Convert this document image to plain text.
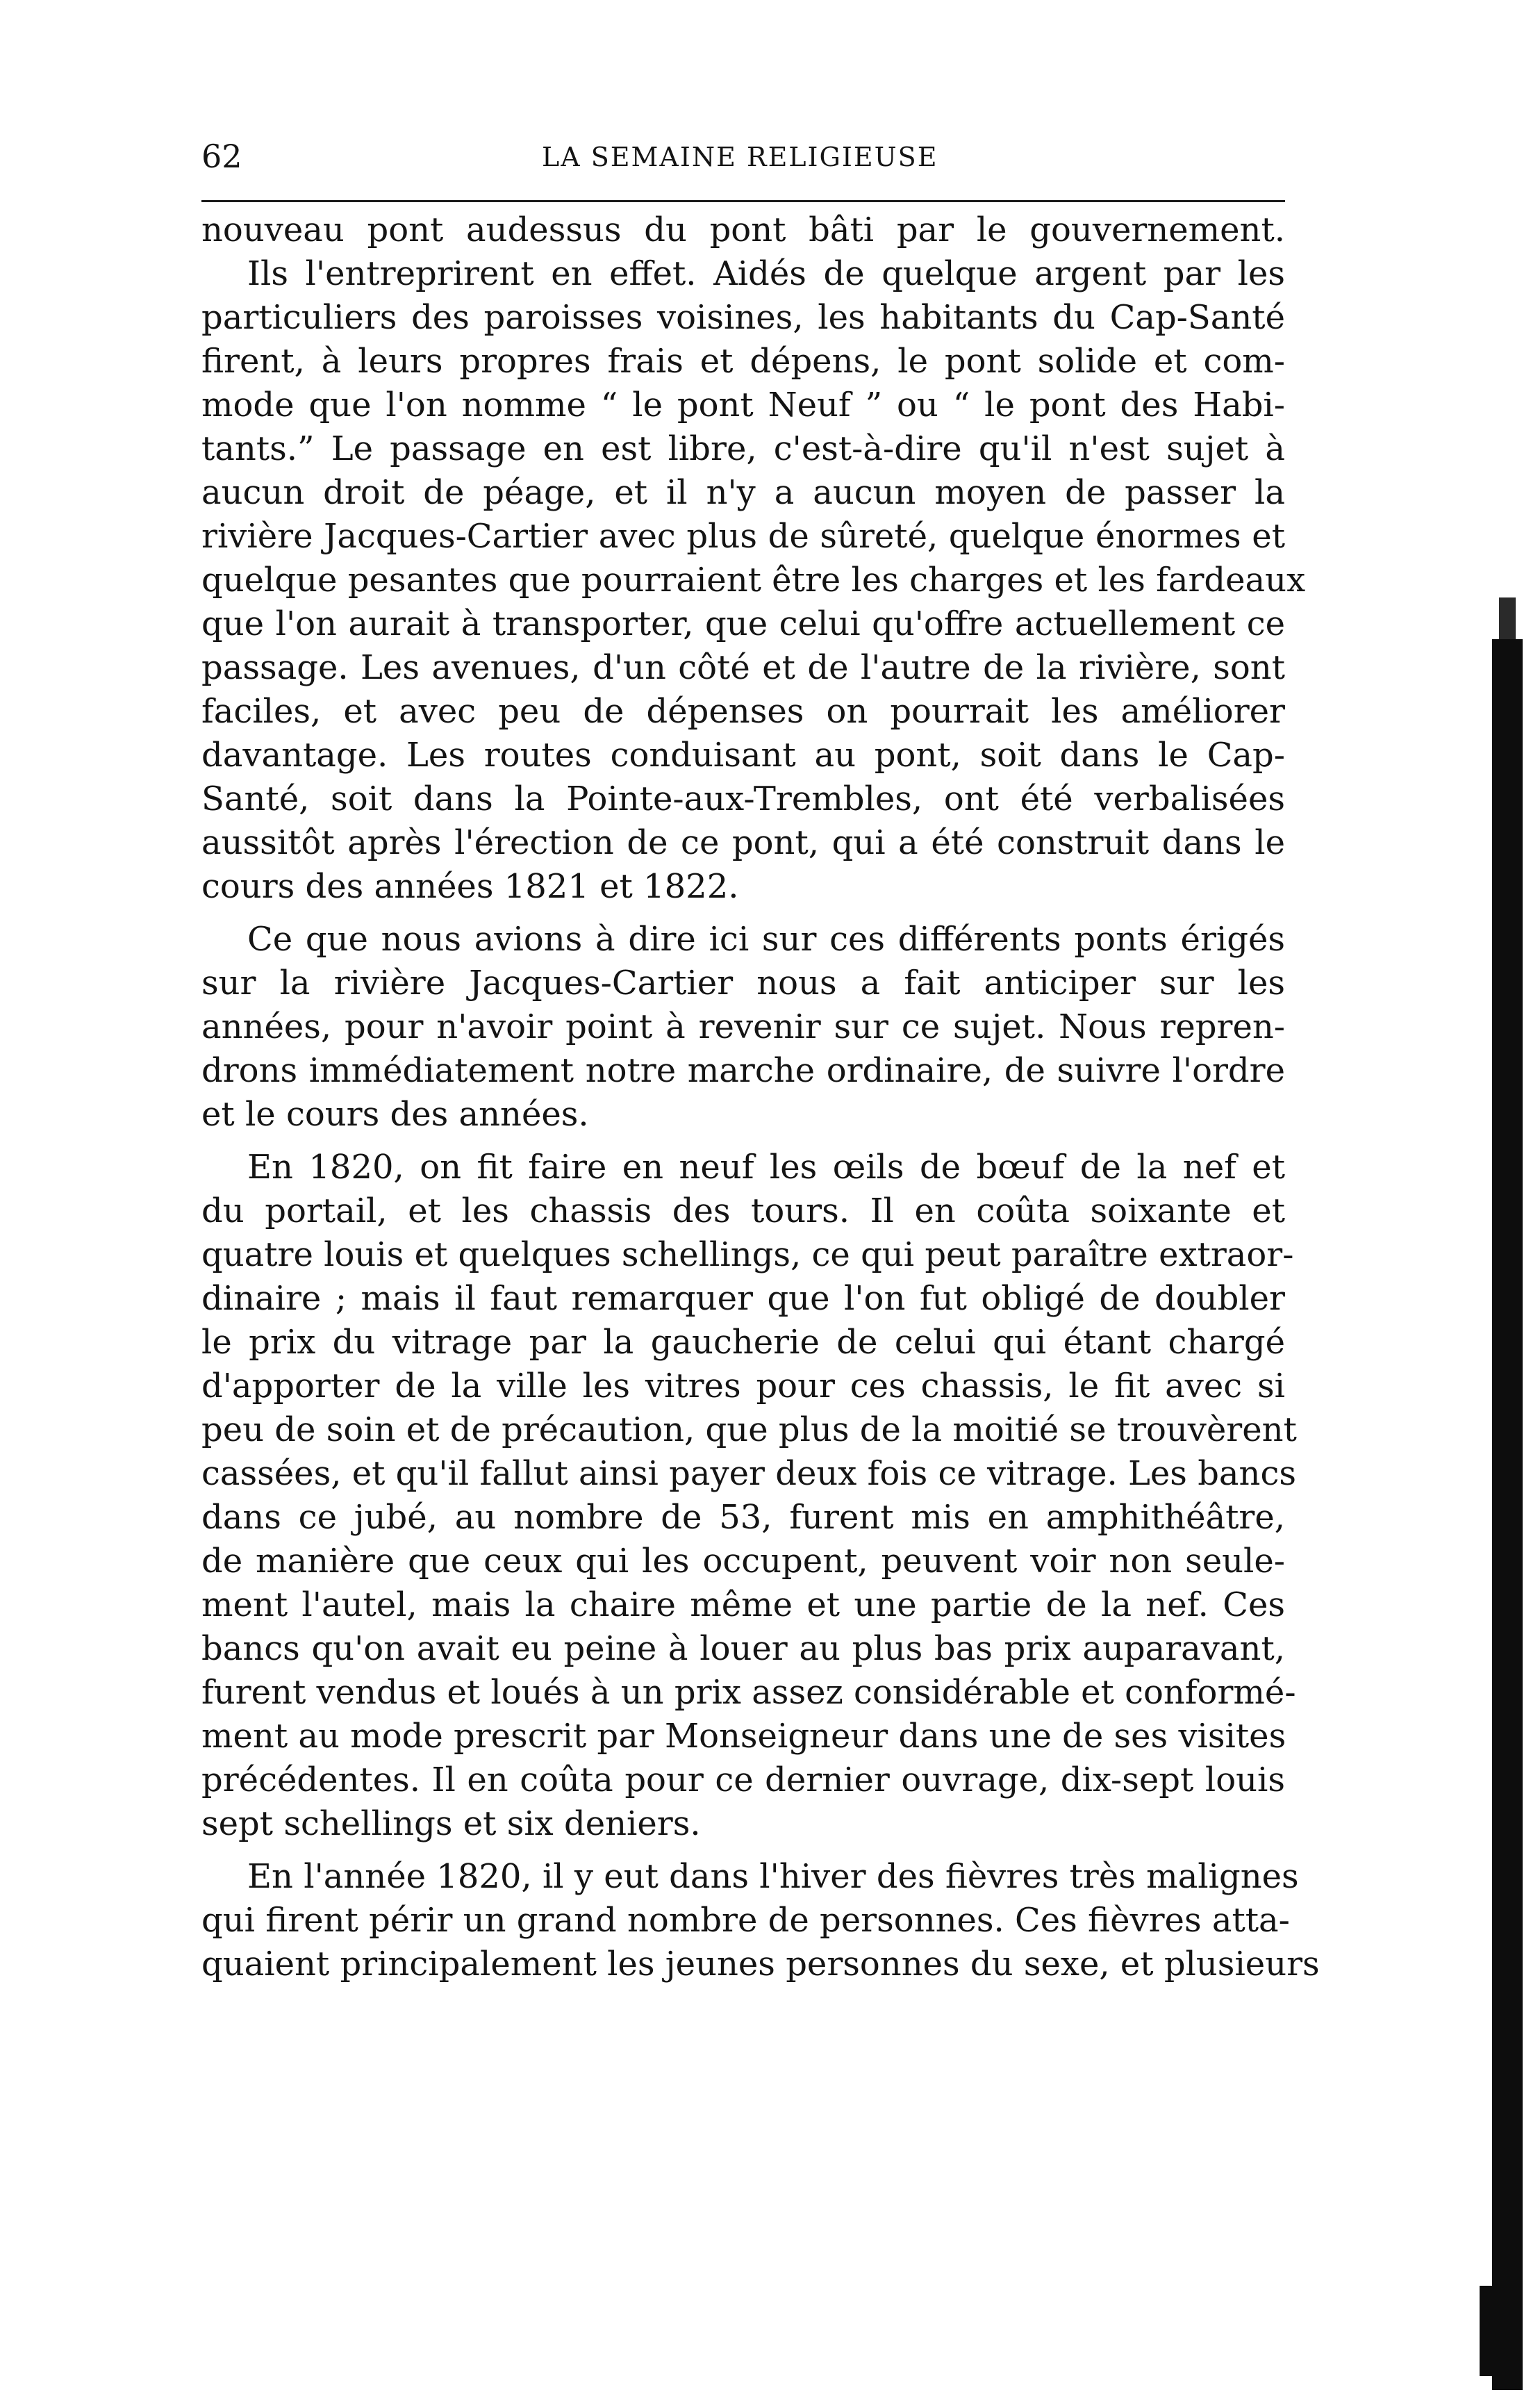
62	LA SEMAINE RELIGIEUSE
nouveau pont audessus du pont bâti par le gouvernement.
Ils l'entreprirent en effet. Aidés de quelque argent par les
particuliers des paroisses voisines, les habitants du Cap-Santé
firent, à leurs propres frais et dépens, le pont solide et com-
mode que l'on nomme “ le pont Neuf ” ou “ le pont des Habi-
tants.” Le passage en est libre, c'est-à-dire qu'il n'est sujet à
aucun droit de péage, et il n'y a aucun moyen de passer la
rivière Jacques-Cartier avec plus de sûreté, quelque énormes et
quelque pesantes que pourraient être les charges et les fardeaux
que l'on aurait à transporter, que celui qu'offre actuellement ce
passage. Les avenues, d'un côté et de l'autre de la rivière, sont
faciles, et avec peu de dépenses on pourrait les améliorer
davantage. Les routes conduisant au pont, soit dans le Cap-
Santé, soit dans la Pointe-aux-Trembles, ont été verbalisées
aussitôt après l'érection de ce pont, qui a été construit dans le
cours des années 1821 et 1822.
Ce que nous avions à dire ici sur ces différents ponts érigés
sur la rivière Jacques-Cartier nous a fait anticiper sur les
années, pour n'avoir point à revenir sur ce sujet. Nous repren-
drons immédiatement notre marche ordinaire, de suivre l'ordre
et le cours des années.
En 1820, on fit faire en neuf les œils de bœuf de la nef et
du portail, et les chassis des tours. Il en coûta soixante et
quatre louis et quelques schellings, ce qui peut paraître extraor-
dinaire ; mais il faut remarquer que l'on fut obligé de doubler
le prix du vitrage par la gaucherie de celui qui étant chargé
d'apporter de la ville les vitres pour ces chassis, le fit avec si
peu de soin et de précaution, que plus de la moitié se trouvèrent
cassées, et qu'il fallut ainsi payer deux fois ce vitrage. Les bancs
dans ce jubé, au nombre de 53, furent mis en amphithéâtre,
de manière que ceux qui les occupent, peuvent voir non seule-
ment l'autel, mais la chaire même et une partie de la nef. Ces
bancs qu'on avait eu peine à louer au plus bas prix auparavant,
furent vendus et loués à un prix assez considérable et conformé-
ment au mode prescrit par Monseigneur dans une de ses visites
précédentes. Il en coûta pour ce dernier ouvrage, dix-sept louis
sept schellings et six deniers.
En l'année 1820, il y eut dans l'hiver des fièvres très malignes
qui firent périr un grand nombre de personnes. Ces fièvres atta-
quaient principalement les jeunes personnes du sexe, et plusieurs
